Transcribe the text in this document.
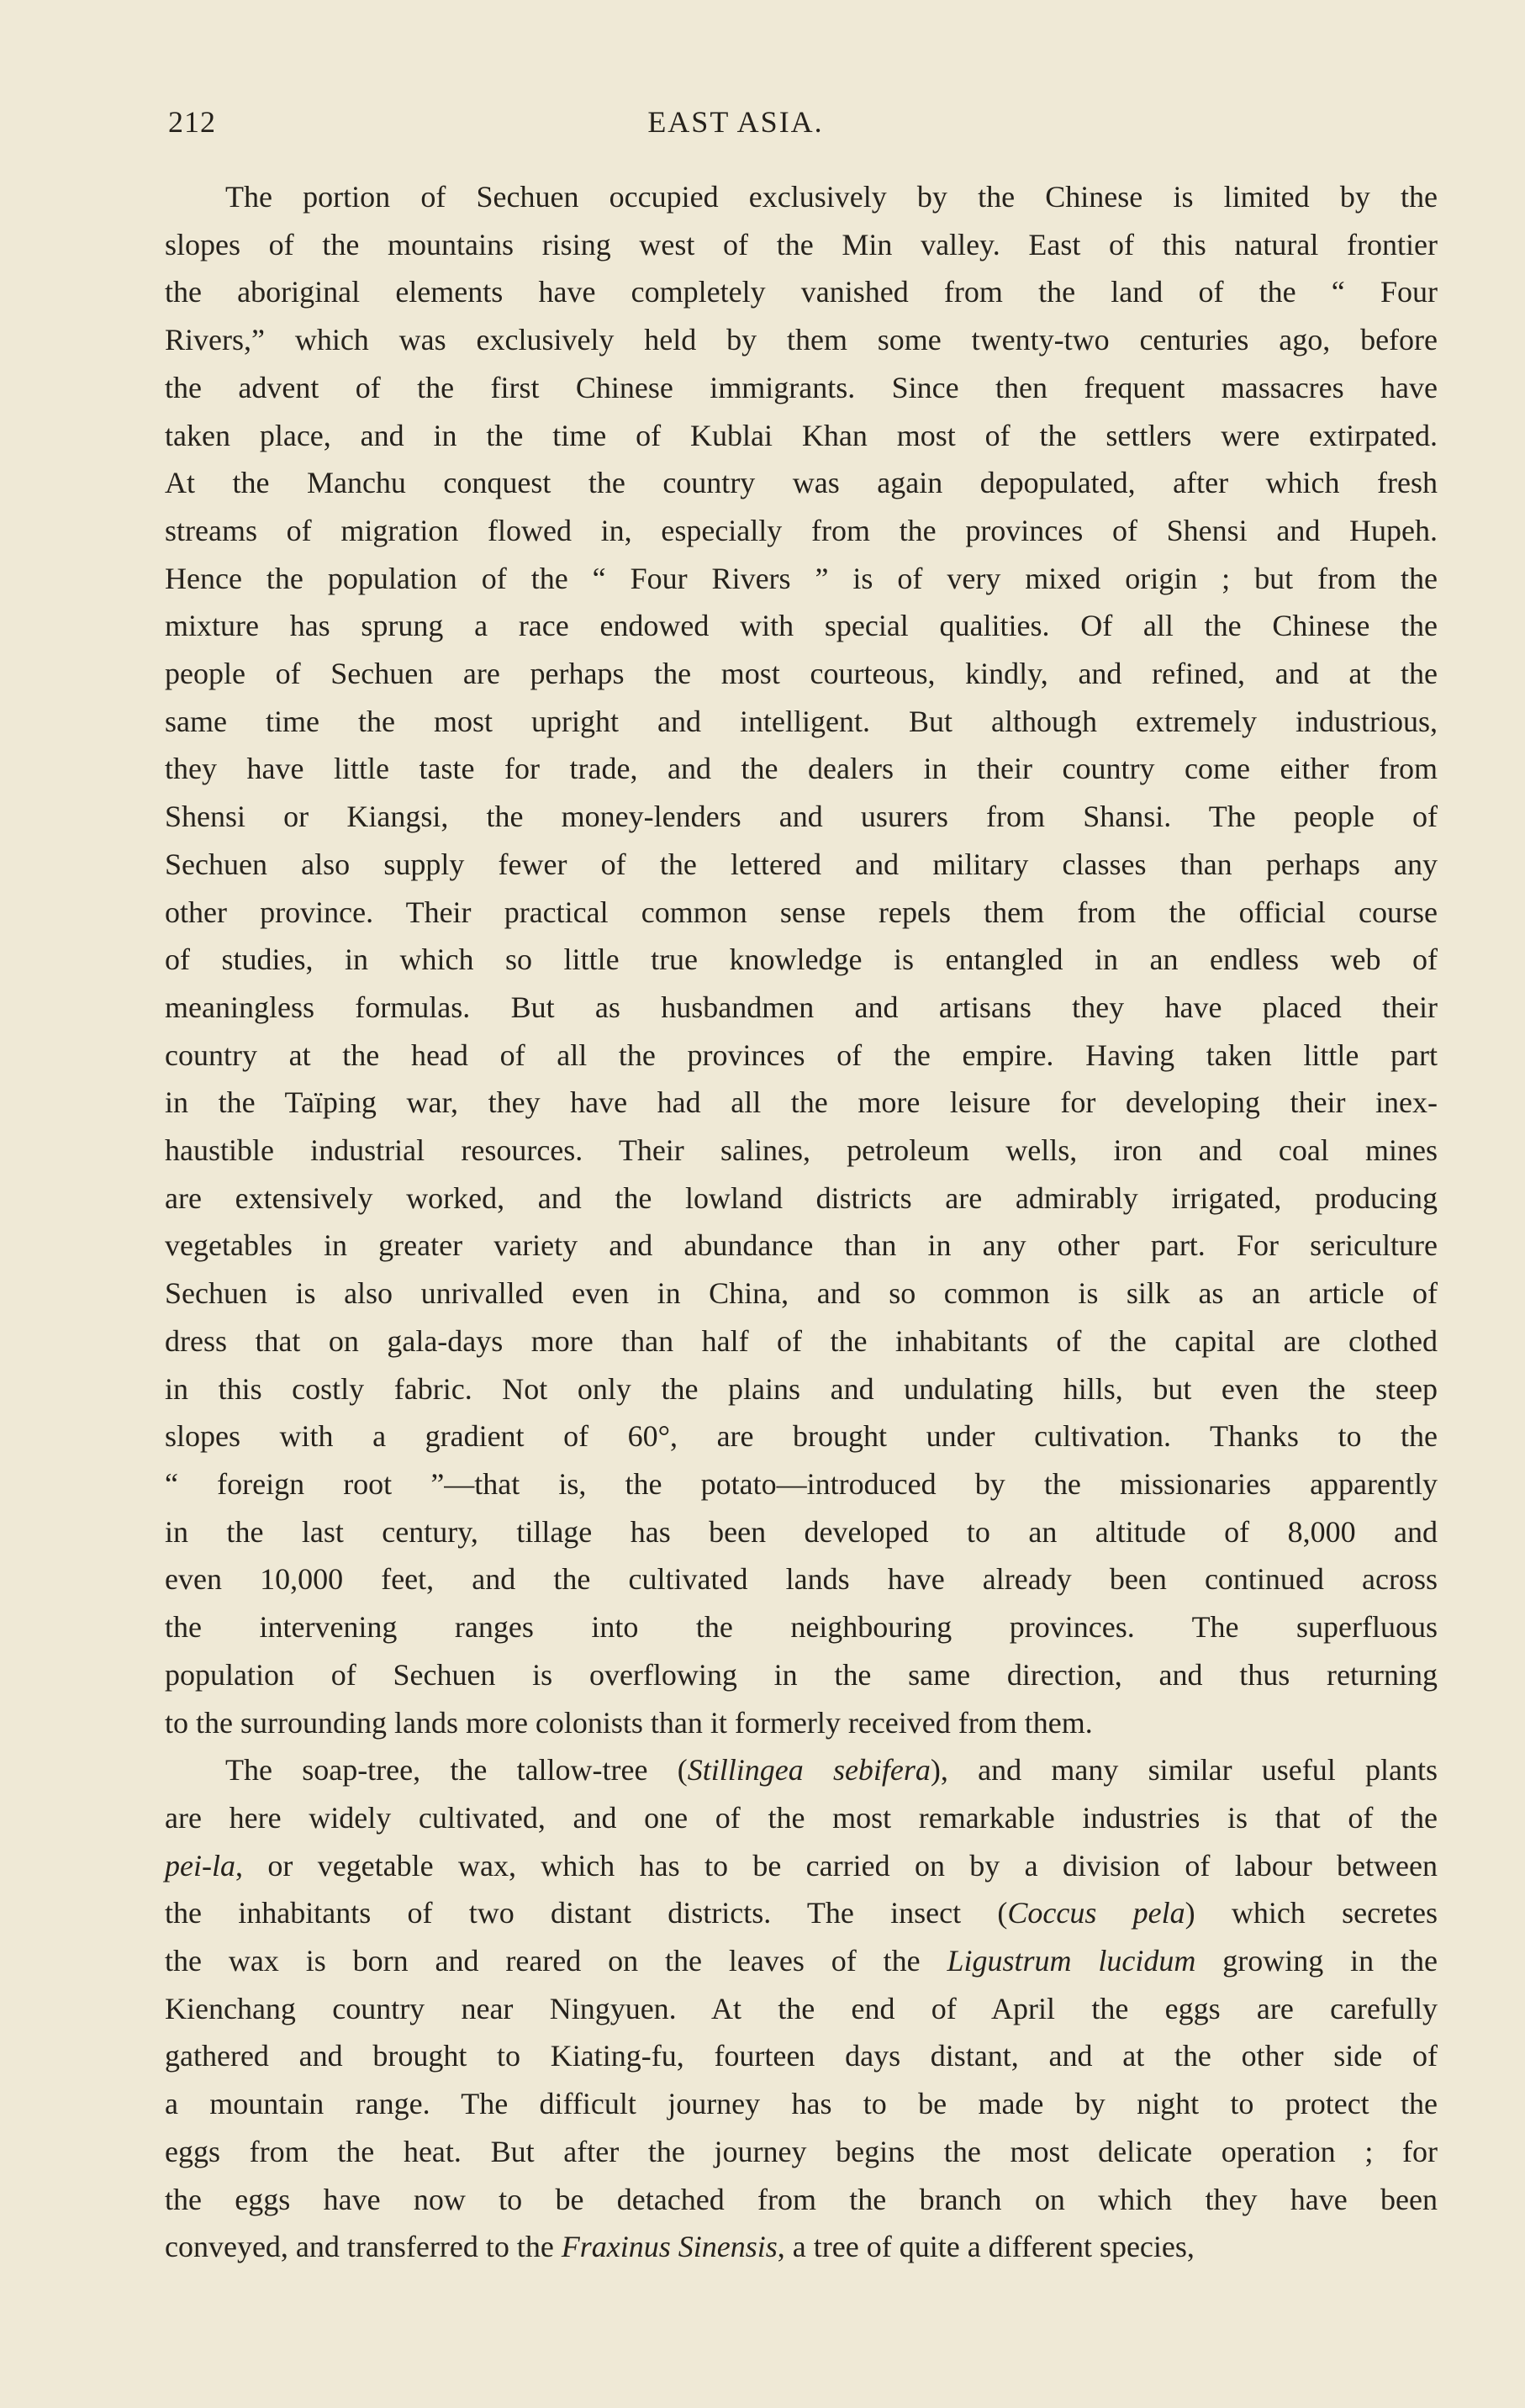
212	EAST ASIA.
The portion of Sechuen occupied exclusively by the Chinese is limited by the
slopes of the mountains rising west of the Min valley. East of this natural frontier
the aboriginal elements have completely vanished from the land of the “ Four
Rivers,” which was exclusively held by them some twenty-two centuries ago, before
the advent of the first Chinese immigrants. Since then frequent massacres have
taken place, and in the time of Kublai Khan most of the settlers were extirpated.
At the Manchu conquest the country was again depopulated, after which fresh
streams of migration flowed in, especially from the provinces of Shensi and Hupeh.
Hence the population of the “ Four Rivers ” is of very mixed origin ; but from the
mixture has sprung a race endowed with special qualities. Of all the Chinese the
people of Sechuen are perhaps the most courteous, kindly, and refined, and at the
same time the most upright and intelligent. But although extremely industrious,
they have little taste for trade, and the dealers in their country come either from
Shensi or Kiangsi, the money-lenders and usurers from Shansi. The people of
Sechuen also supply fewer of the lettered and military classes than perhaps any
other province. Their practical common sense repels them from the official course
of studies, in which so little true knowledge is entangled in an endless web of
meaningless formulas. But as husbandmen and artisans they have placed their
country at the head of all the provinces of the empire. Having taken little part
in the Taïping war, they have had all the more leisure for developing their inex-
haustible industrial resources. Their salines, petroleum wells, iron and coal mines
are extensively worked, and the lowland districts are admirably irrigated, producing
vegetables in greater variety and abundance than in any other part. For sericulture
Sechuen is also unrivalled even in China, and so common is silk as an article of
dress that on gala-days more than half of the inhabitants of the capital are clothed
in this costly fabric. Not only the plains and undulating hills, but even the steep
slopes with a gradient of 60°, are brought under cultivation. Thanks to the
“ foreign root ”—that is, the potato—introduced by the missionaries apparently
in the last century, tillage has been developed to an altitude of 8,000 and
even 10,000 feet, and the cultivated lands have already been continued across
the intervening ranges into the neighbouring provinces. The superfluous
population of Sechuen is overflowing in the same direction, and thus returning
to the surrounding lands more colonists than it formerly received from them.
The soap-tree, the tallow-tree (Stillingea sebifera), and many similar useful plants
are here widely cultivated, and one of the most remarkable industries is that of the
pei-la, or vegetable wax, which has to be carried on by a division of labour between
the inhabitants of two distant districts. The insect (Coccus pela) which secretes
the wax is born and reared on the leaves of the Ligustrum lucidum growing in the
Kienchang country near Ningyuen. At the end of April the eggs are carefully
gathered and brought to Kiating-fu, fourteen days distant, and at the other side of
a mountain range. The difficult journey has to be made by night to protect the
eggs from the heat. But after the journey begins the most delicate operation ; for
the eggs have now to be detached from the branch on which they have been
conveyed, and transferred to the Fraxinus Sinensis, a tree of quite a different species,
